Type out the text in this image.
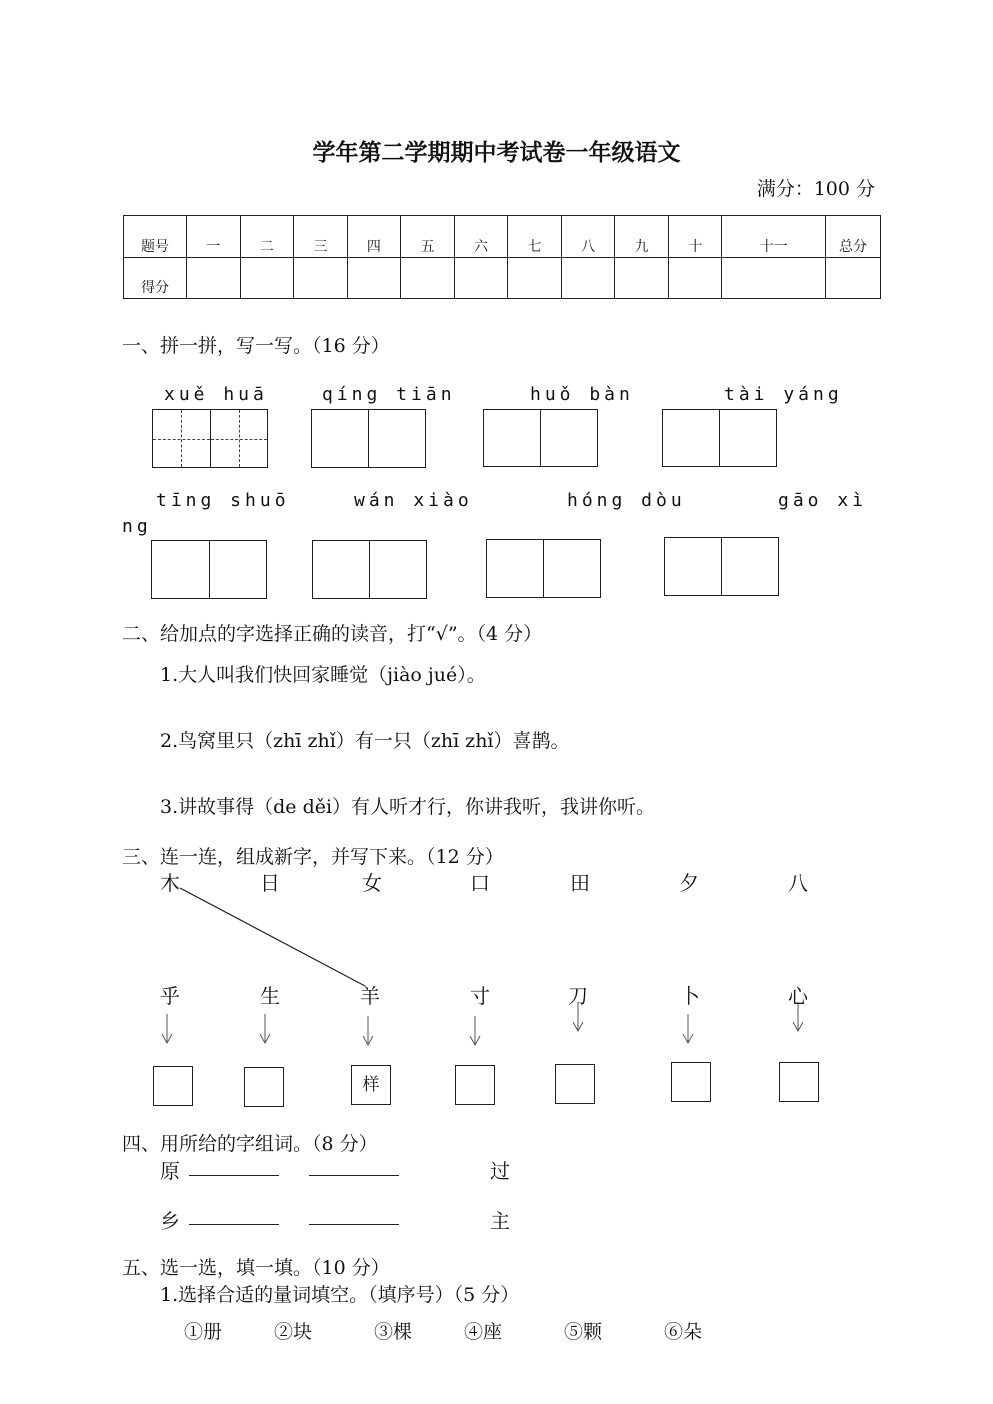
学年第二学期期中考试卷一年级语文
满分：100 分
题号	一	二	三	四	五	六	七	八	九	十	十一	总分
得分												
一、拼一拼，写一写。（16 分）
xuě huā	qíng tiān	huǒ bàn	tài yáng
tīng shuō	wán xiào	hóng dòu	gāo xì
ng
二、给加点的字选择正确的读音，打“√”。（4 分）
1.大人叫我们快回家睡觉（jiào jué）。
2.鸟窝里只（zhī zhǐ）有一只（zhī zhǐ）喜鹊。
3.讲故事得（de děi）有人听才行，你讲我听，我讲你听。
三、连一连，组成新字，并写下来。（12 分）
木	日	女	口	田	夕	八
乎	生	羊	寸	刀	卜	心
样
四、用所给的字组词。（8 分）
原	过
乡	主
五、选一选，填一填。（10 分）
1.选择合适的量词填空。（填序号）（5 分）
①册	②块	③棵	④座	⑤颗	⑥朵
